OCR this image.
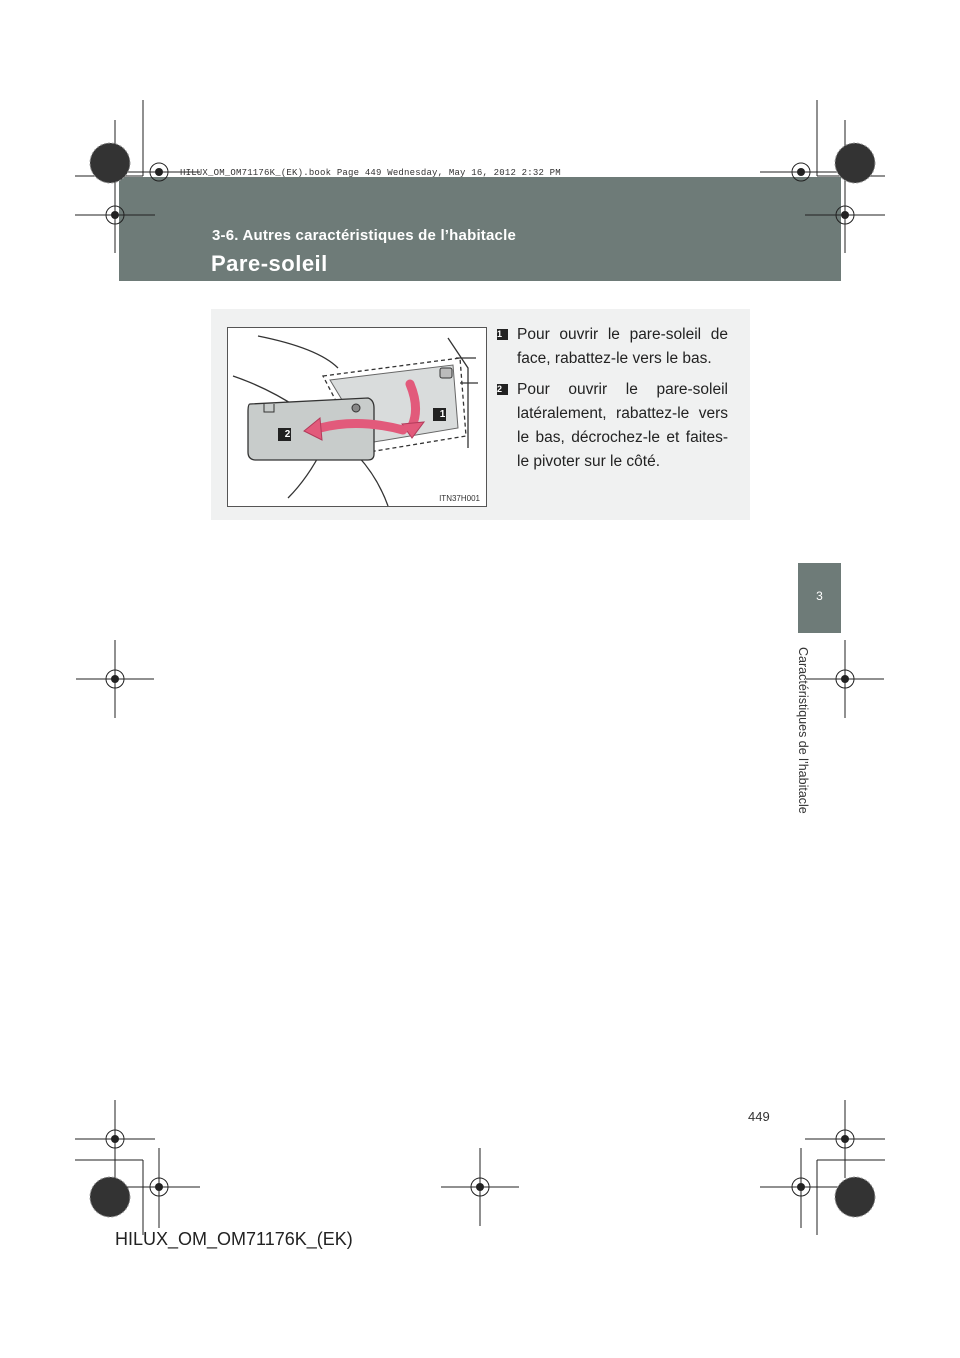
HILUX_OM_OM71176K_(EK).book Page 449 Wednesday, May 16, 2012 2:32 PM
3-6. Autres caractéristiques de l’habitacle
Pare-soleil
1
2
ITN37H001
1 Pour ouvrir le pare-soleil de face, rabattez-le vers le bas.
2 Pour ouvrir le pare-soleil latéralement, rabattez-le vers le bas, décrochez-le et faites-le pivoter sur le côté.
3
Caractéristiques de l’habitacle
449
HILUX_OM_OM71176K_(EK)
